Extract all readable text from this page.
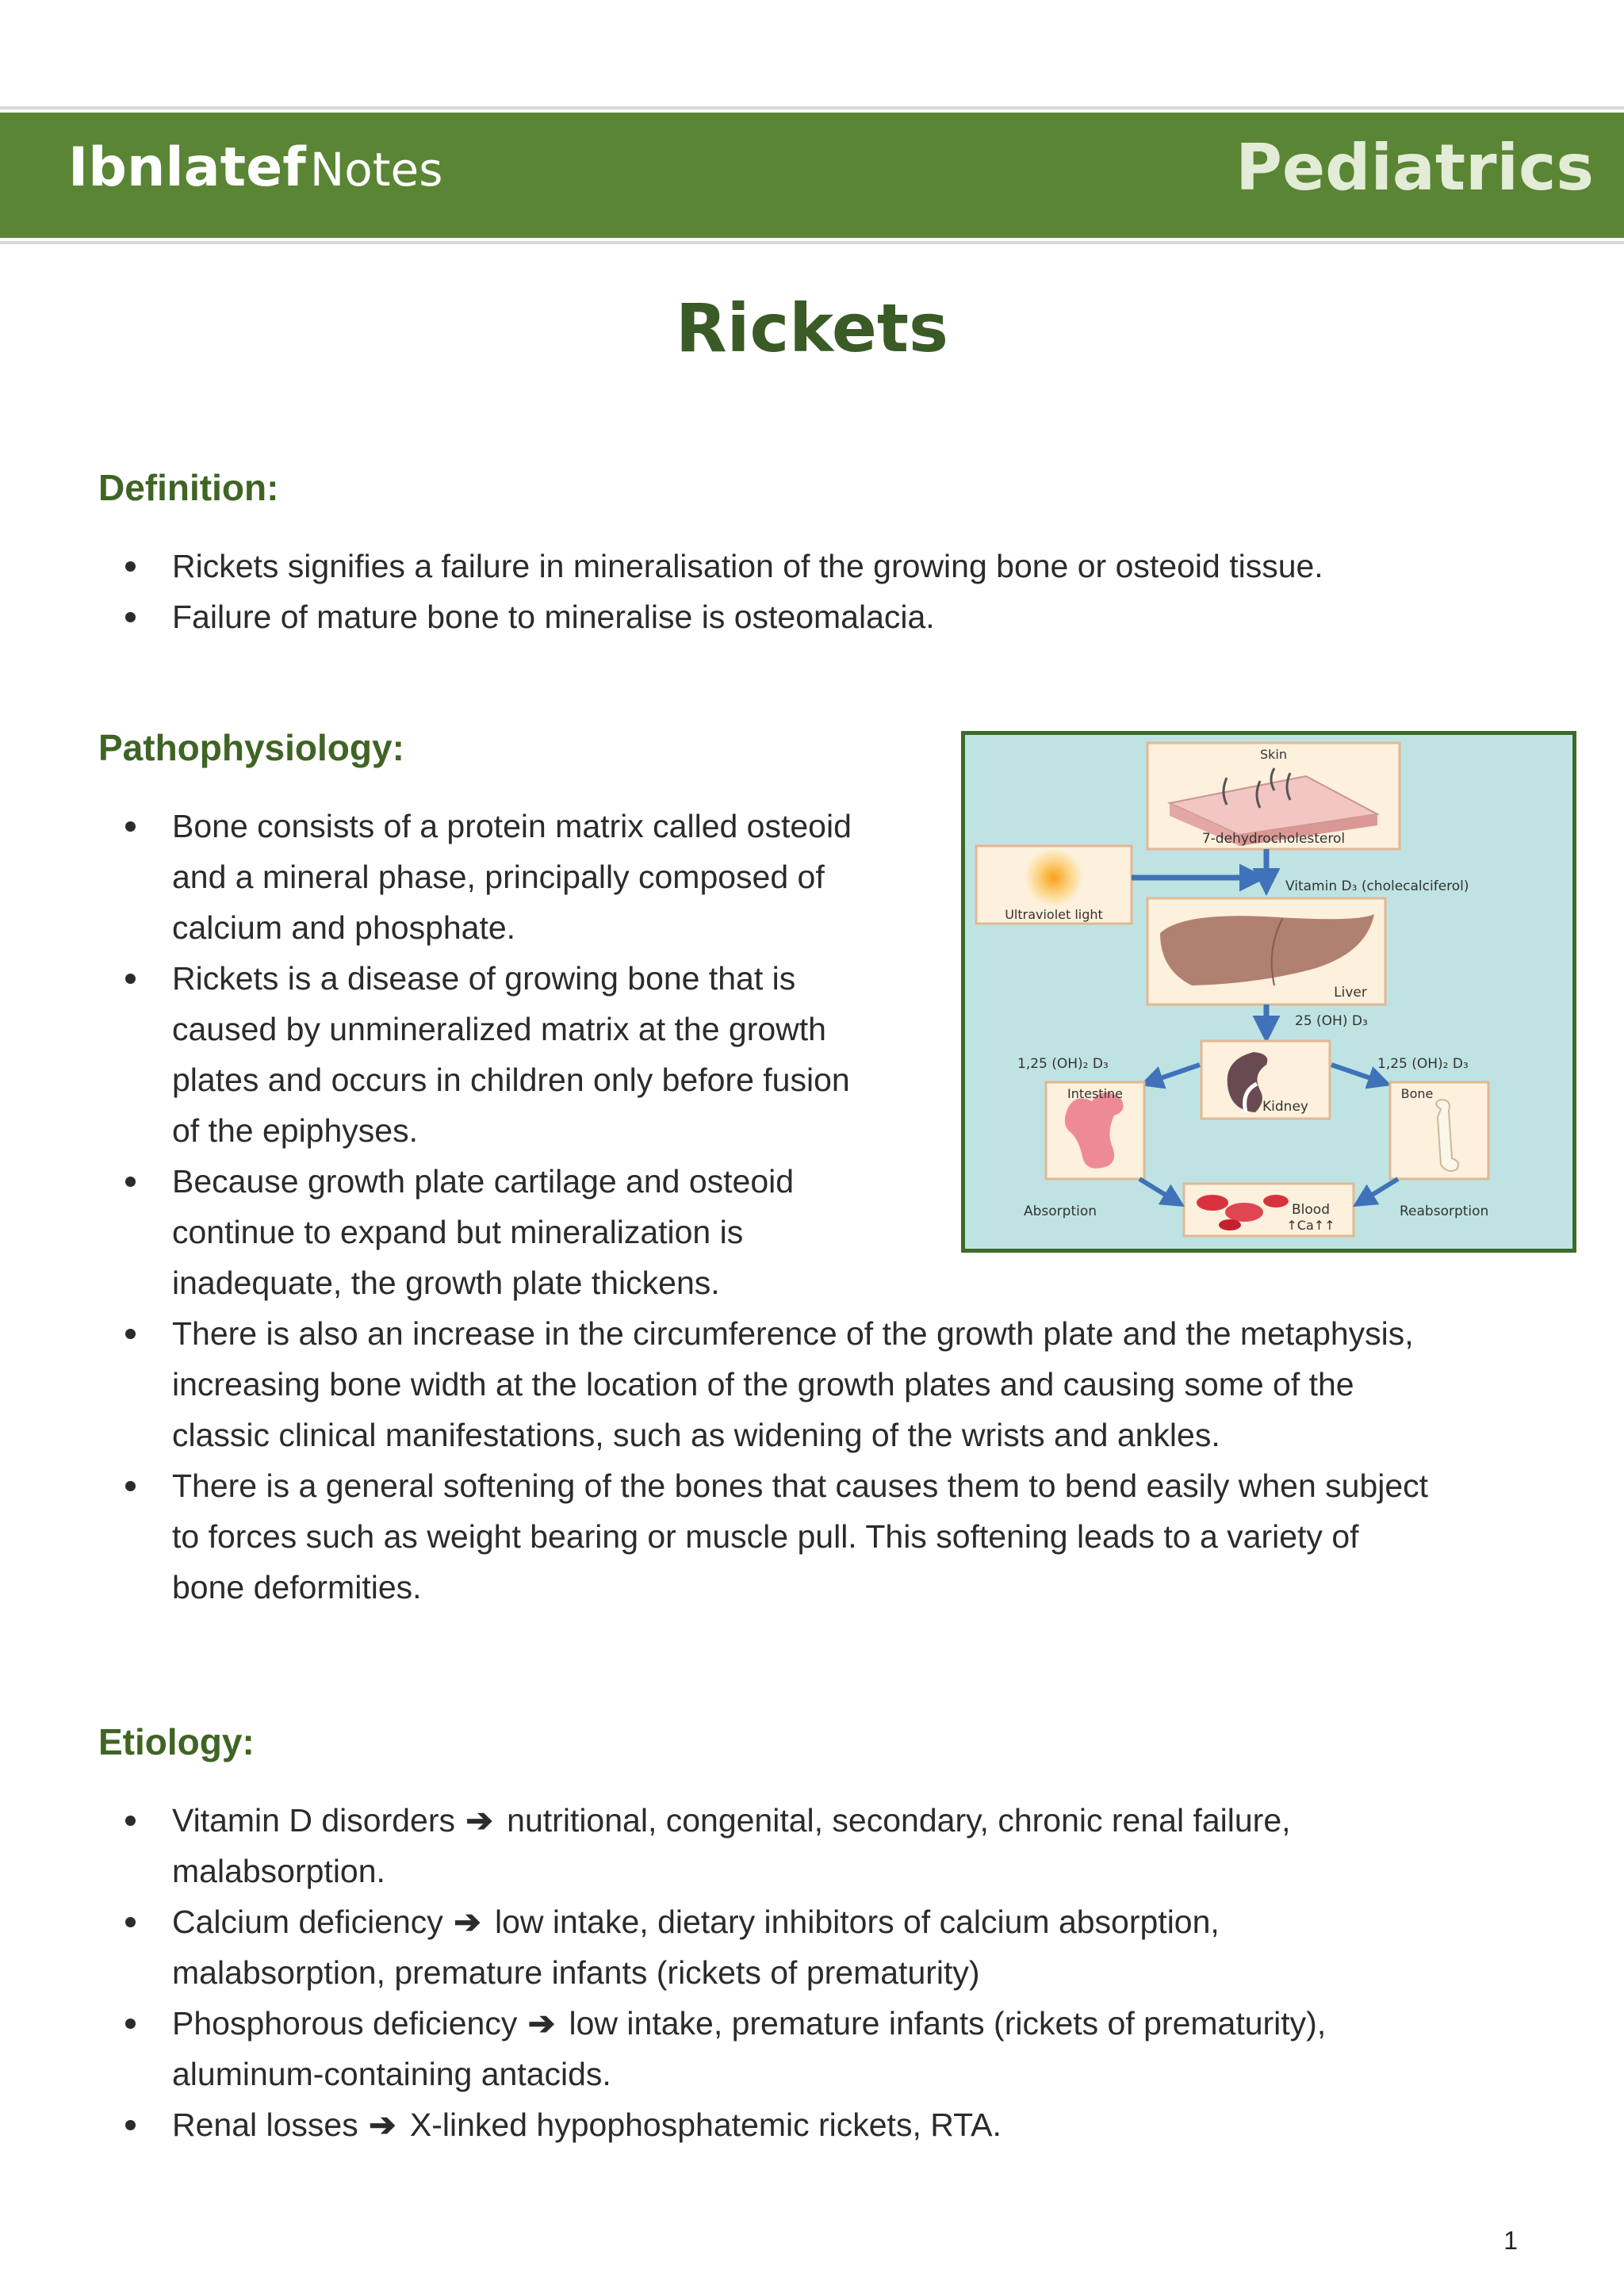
Ibnlatef Notes	Pediatrics
Rickets
Definition:
Rickets signifies a failure in mineralisation of the growing bone or osteoid tissue.
Failure of mature bone to mineralise is osteomalacia.
Pathophysiology:
Bone consists of a protein matrix called osteoid
and a mineral phase, principally composed of
calcium and phosphate.
Rickets is a disease of growing bone that is
caused by unmineralized matrix at the growth
plates and occurs in children only before fusion
of the epiphyses.
Because growth plate cartilage and osteoid
continue to expand but mineralization is
inadequate, the growth plate thickens.
There is also an increase in the circumference of the growth plate and the metaphysis,
increasing bone width at the location of the growth plates and causing some of the
classic clinical manifestations, such as widening of the wrists and ankles.
There is a general softening of the bones that causes them to bend easily when subject
to forces such as weight bearing or muscle pull. This softening leads to a variety of
bone deformities.
Skin
7-dehydrocholesterol
Ultraviolet light
Vitamin D₃ (cholecalciferol)
Liver
25 (OH) D₃
Kidney
1,25 (OH)₂ D₃	1,25 (OH)₂ D₃
Intestine	Bone
Blood
↑Ca↑↑
Absorption	Reabsorption
Etiology:
Vitamin D disorders ➔ nutritional, congenital, secondary, chronic renal failure,
malabsorption.
Calcium deficiency ➔ low intake, dietary inhibitors of calcium absorption,
malabsorption, premature infants (rickets of prematurity)
Phosphorous deficiency ➔ low intake, premature infants (rickets of prematurity),
aluminum-containing antacids.
Renal losses ➔ X-linked hypophosphatemic rickets, RTA.
1
